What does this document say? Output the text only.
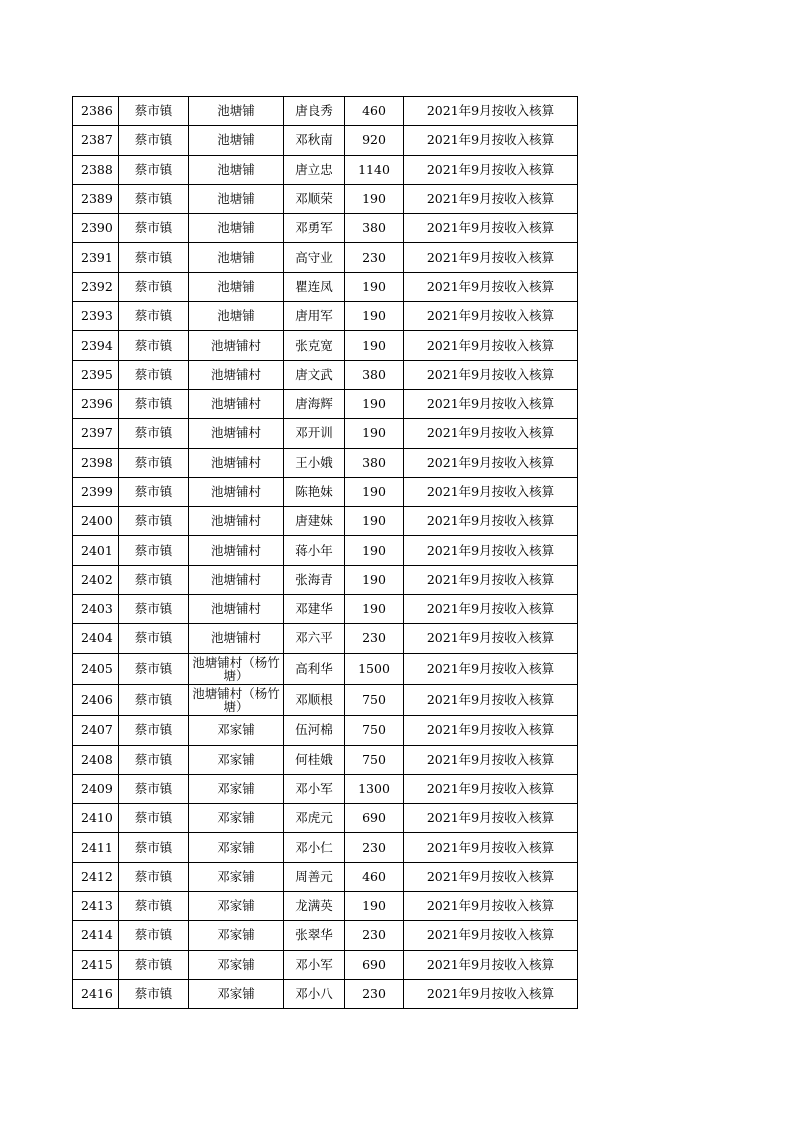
2386	蔡市镇	池塘铺	唐良秀	460	2021年9月按收入核算
2387	蔡市镇	池塘铺	邓秋南	920	2021年9月按收入核算
2388	蔡市镇	池塘铺	唐立忠	1140	2021年9月按收入核算
2389	蔡市镇	池塘铺	邓顺荣	190	2021年9月按收入核算
2390	蔡市镇	池塘铺	邓勇军	380	2021年9月按收入核算
2391	蔡市镇	池塘铺	高守业	230	2021年9月按收入核算
2392	蔡市镇	池塘铺	瞿连凤	190	2021年9月按收入核算
2393	蔡市镇	池塘铺	唐用军	190	2021年9月按收入核算
2394	蔡市镇	池塘铺村	张克宽	190	2021年9月按收入核算
2395	蔡市镇	池塘铺村	唐文武	380	2021年9月按收入核算
2396	蔡市镇	池塘铺村	唐海辉	190	2021年9月按收入核算
2397	蔡市镇	池塘铺村	邓开训	190	2021年9月按收入核算
2398	蔡市镇	池塘铺村	王小娥	380	2021年9月按收入核算
2399	蔡市镇	池塘铺村	陈艳妹	190	2021年9月按收入核算
2400	蔡市镇	池塘铺村	唐建妹	190	2021年9月按收入核算
2401	蔡市镇	池塘铺村	蒋小年	190	2021年9月按收入核算
2402	蔡市镇	池塘铺村	张海青	190	2021年9月按收入核算
2403	蔡市镇	池塘铺村	邓建华	190	2021年9月按收入核算
2404	蔡市镇	池塘铺村	邓六平	230	2021年9月按收入核算
2405	蔡市镇	池塘铺村（杨竹塘）	高利华	1500	2021年9月按收入核算
2406	蔡市镇	池塘铺村（杨竹塘）	邓顺根	750	2021年9月按收入核算
2407	蔡市镇	邓家铺	伍河棉	750	2021年9月按收入核算
2408	蔡市镇	邓家铺	何桂娥	750	2021年9月按收入核算
2409	蔡市镇	邓家铺	邓小军	1300	2021年9月按收入核算
2410	蔡市镇	邓家铺	邓虎元	690	2021年9月按收入核算
2411	蔡市镇	邓家铺	邓小仁	230	2021年9月按收入核算
2412	蔡市镇	邓家铺	周善元	460	2021年9月按收入核算
2413	蔡市镇	邓家铺	龙满英	190	2021年9月按收入核算
2414	蔡市镇	邓家铺	张翠华	230	2021年9月按收入核算
2415	蔡市镇	邓家铺	邓小军	690	2021年9月按收入核算
2416	蔡市镇	邓家铺	邓小八	230	2021年9月按收入核算
